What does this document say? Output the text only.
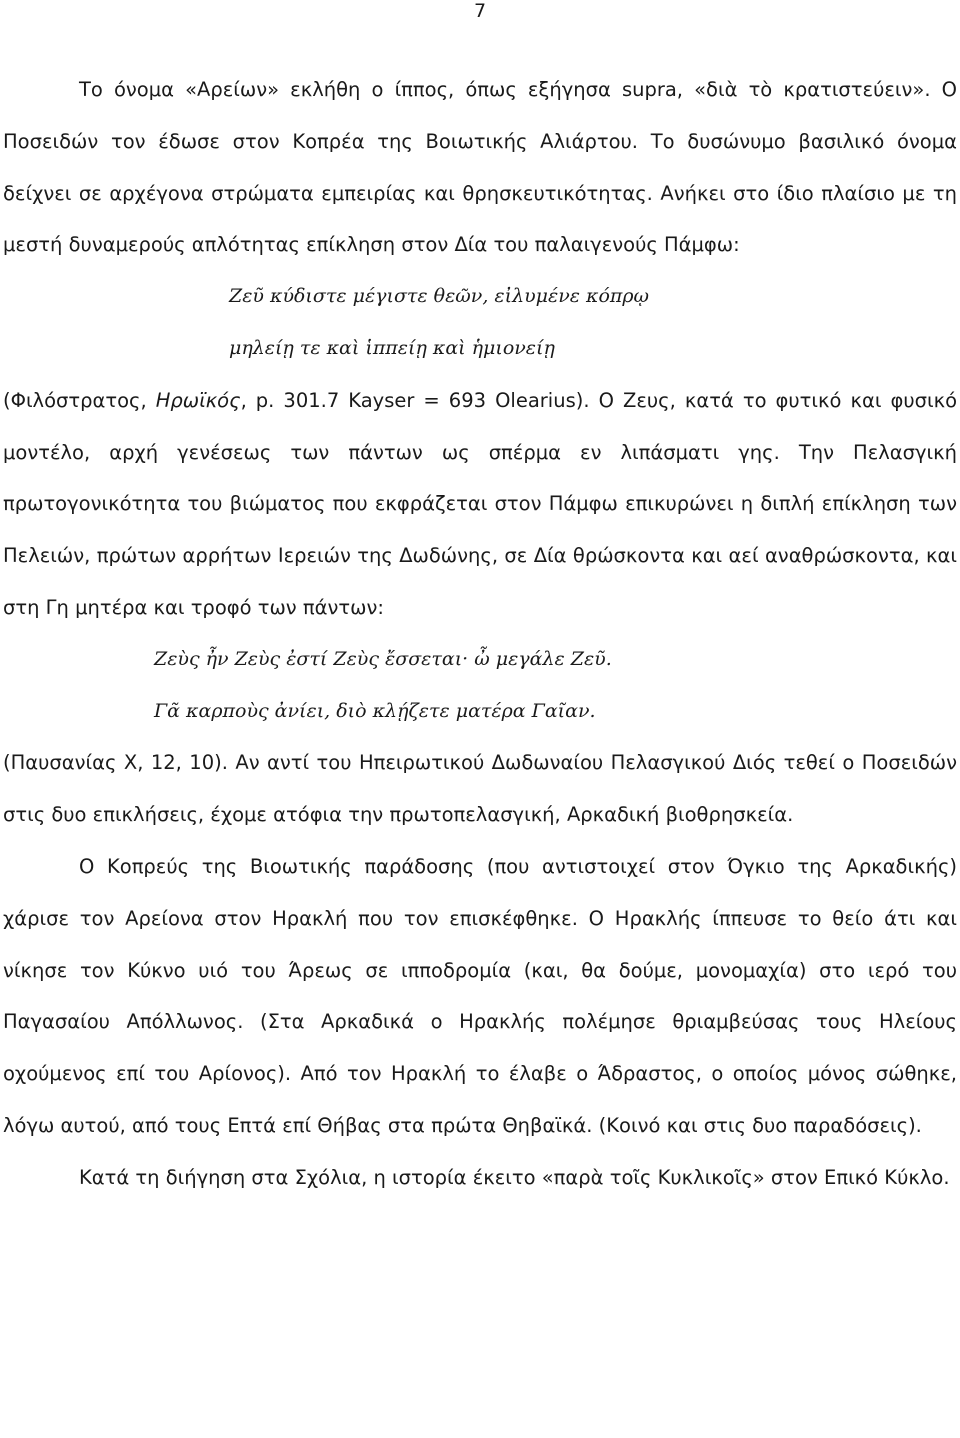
7

Το όνομα «Αρείων» εκλήθη ο ίππος, όπως εξήγησα supra, «διὰ τὸ κρατιστεύειν». Ο Ποσειδών τον έδωσε στον Κοπρέα της Βοιωτικής Αλιάρτου. Το δυσώνυμο βασιλικό όνομα δείχνει σε αρχέγονα στρώματα εμπειρίας και θρησκευτικότητας. Ανήκει στο ίδιο πλαίσιο με τη μεστή δυναμερούς απλότητας επίκληση στον Δία του παλαιγενούς Πάμφω:

Ζεῦ κύδιστε μέγιστε θεῶν, εἰλυμένε κόπρῳ
μηλείῃ τε καὶ ἱππείῃ καὶ ἡμιονείῃ

(Φιλόστρατος, Ηρωϊκός, p. 301.7 Kayser = 693 Olearius). Ο Ζευς, κατά το φυτικό και φυσικό μοντέλο, αρχή γενέσεως των πάντων ως σπέρμα εν λιπάσματι γης. Την Πελασγική πρωτογονικότητα του βιώματος που εκφράζεται στον Πάμφω επικυρώνει η διπλή επίκληση των Πελειών, πρώτων αρρήτων Ιερειών της Δωδώνης, σε Δία θρώσκοντα και αεί αναθρώσκοντα, και στη Γη μητέρα και τροφό των πάντων:

Ζεὺς ἦν Ζεὺς ἐστί Ζεὺς ἔσσεται· ὦ μεγάλε Ζεῦ.
Γᾶ καρποὺς ἀνίει, διὸ κλῄζετε ματέρα Γαῖαν.

(Παυσανίας Χ, 12, 10). Αν αντί του Ηπειρωτικού Δωδωναίου Πελασγικού Διός τεθεί ο Ποσειδών στις δυο επικλήσεις, έχομε ατόφια την πρωτοπελασγική, Αρκαδική βιοθρησκεία.

Ο Κοπρεύς της Βιοωτικής παράδοσης (που αντιστοιχεί στον Όγκιο της Αρκαδικής) χάρισε τον Αρείονα στον Ηρακλή που τον επισκέφθηκε. Ο Ηρακλής ίππευσε το θείο άτι και νίκησε τον Κύκνο υιό του Άρεως σε ιπποδρομία (και, θα δούμε, μονομαχία) στο ιερό του Παγασαίου Απόλλωνος. (Στα Αρκαδικά ο Ηρακλής πολέμησε θριαμβεύσας τους Ηλείους οχούμενος επί του Αρίονος). Από τον Ηρακλή το έλαβε ο Άδραστος, ο οποίος μόνος σώθηκε, λόγω αυτού, από τους Επτά επί Θήβας στα πρώτα Θηβαϊκά. (Κοινό και στις δυο παραδόσεις).

Κατά τη διήγηση στα Σχόλια, η ιστορία έκειτο «παρὰ τοῖς Κυκλικοῖς» στον Επικό Κύκλο.
